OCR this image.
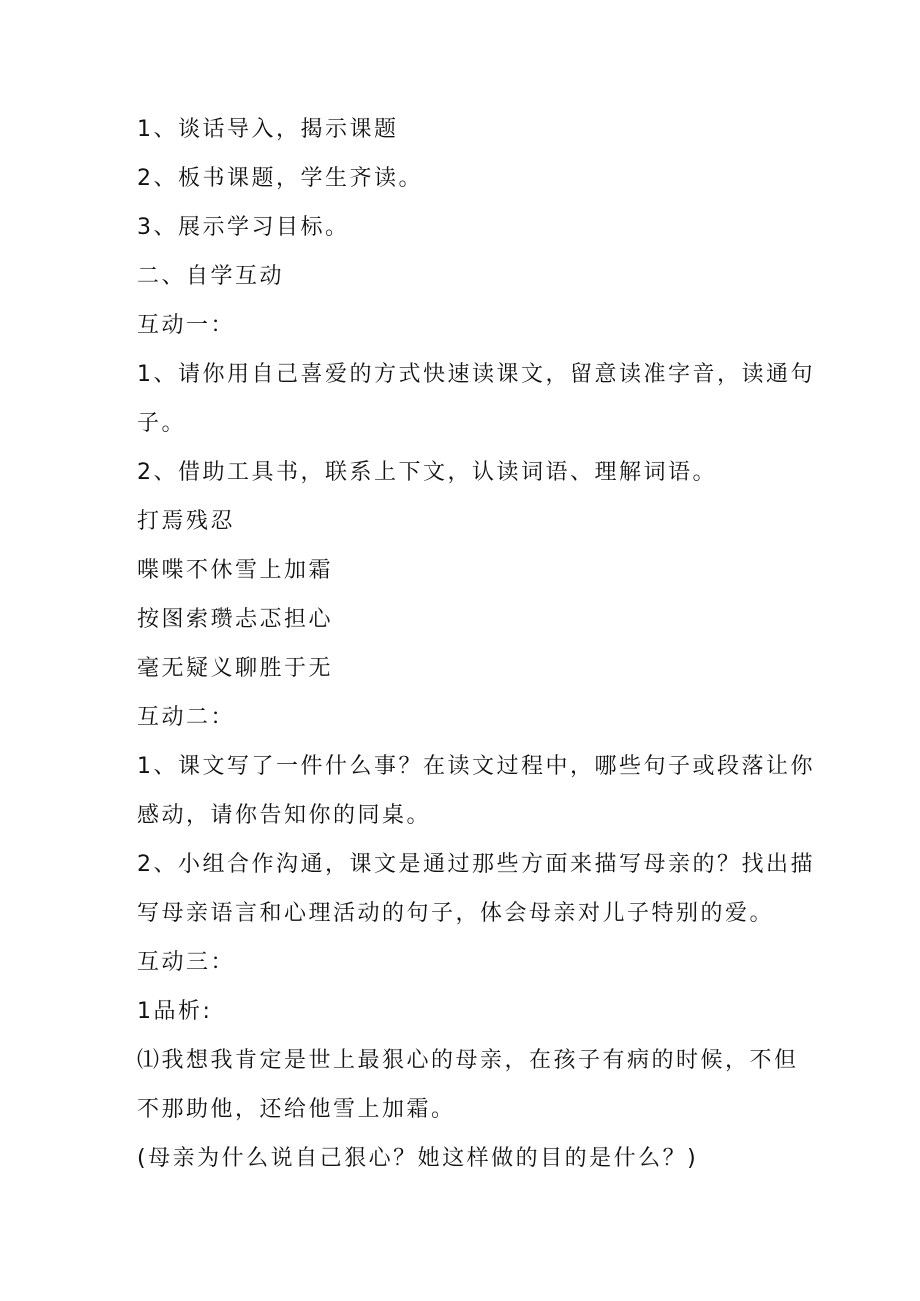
1、谈话导入，揭示课题
2、板书课题，学生齐读。
3、展示学习目标。
二、自学互动
互动一：
1、请你用自己喜爱的方式快速读课文，留意读准字音，读通句
子。
2、借助工具书，联系上下文，认读词语、理解词语。
打焉残忍
喋喋不休雪上加霜
按图索瓒忐忑担心
毫无疑义聊胜于无
互动二：
1、课文写了一件什么事？在读文过程中，哪些句子或段落让你
感动，请你告知你的同桌。
2、小组合作沟通，课文是通过那些方面来描写母亲的？找出描
写母亲语言和心理活动的句子，体会母亲对儿子特别的爱。
互动三：
1品析:
⑴我想我肯定是世上最狠心的母亲，在孩子有病的时候，不但
不那助他，还给他雪上加霜。
(母亲为什么说自己狠心？她这样做的目的是什么？)
